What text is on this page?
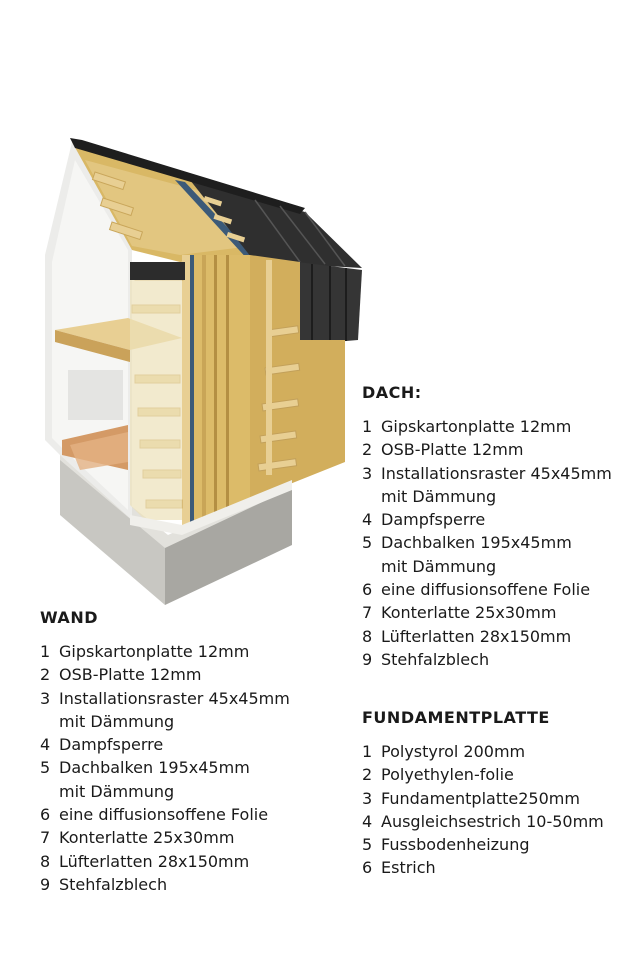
DACH:
1 Gipskartonplatte 12mm
2 OSB-Platte 12mm
3 Installationsraster 45x45mm
mit Dämmung
4 Dampfsperre
5 Dachbalken 195x45mm
mit Dämmung
6 eine diffusionsoffene Folie
7 Konterlatte 25x30mm
8 Lüfterlatten 28x150mm
9 Stehfalzblech
WAND
1 Gipskartonplatte 12mm
2 OSB-Platte 12mm
3 Installationsraster 45x45mm
mit Dämmung
4 Dampfsperre
5 Dachbalken 195x45mm
mit Dämmung
6 eine diffusionsoffene Folie
7 Konterlatte 25x30mm
8 Lüfterlatten 28x150mm
9 Stehfalzblech
FUNDAMENTPLATTE
1 Polystyrol 200mm
2 Polyethylen-folie
3 Fundamentplatte250mm
4 Ausgleichsestrich 10-50mm
5 Fussbodenheizung
6 Estrich
